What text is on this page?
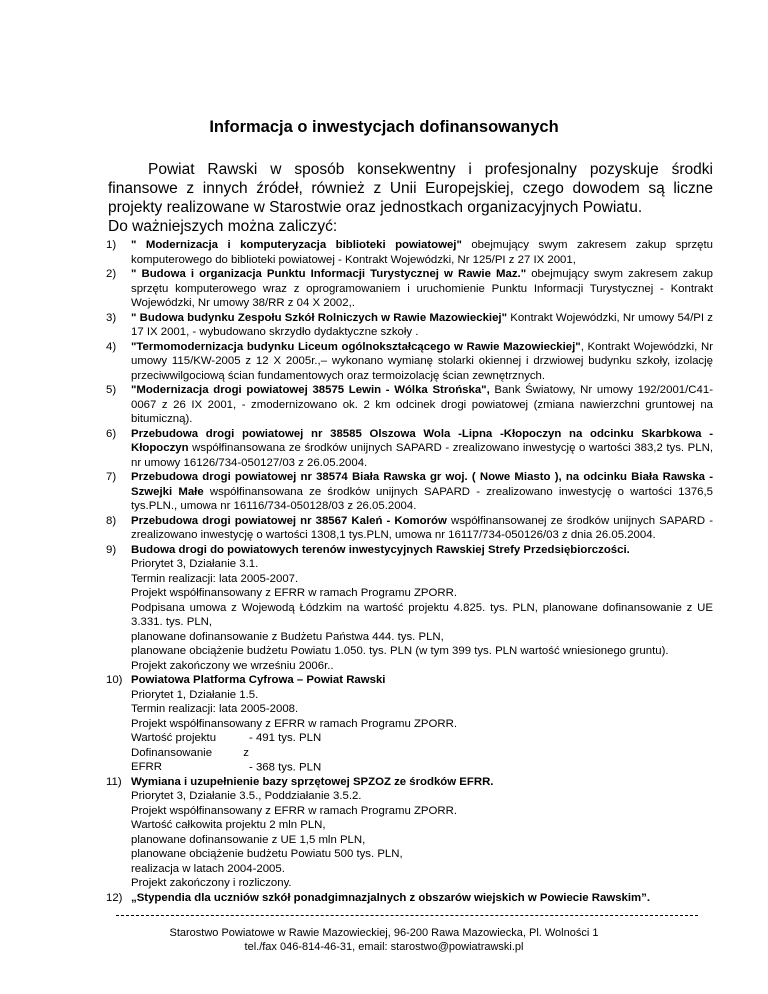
Informacja o inwestycjach dofinansowanych

Powiat Rawski w sposób konsekwentny i profesjonalny pozyskuje środki finansowe z innych źródeł, również z Unii Europejskiej, czego dowodem są liczne projekty realizowane w Starostwie oraz jednostkach organizacyjnych Powiatu.

Do ważniejszych można zaliczyć:

1) " Modernizacja i komputeryzacja biblioteki powiatowej" obejmujący swym zakresem zakup sprzętu komputerowego do biblioteki powiatowej - Kontrakt Wojewódzki, Nr 125/PI z 27 IX 2001,
2) " Budowa i organizacja Punktu Informacji Turystycznej w Rawie Maz." obejmujący swym zakresem zakup sprzętu komputerowego wraz z oprogramowaniem i uruchomienie Punktu Informacji Turystycznej - Kontrakt Wojewódzki, Nr umowy 38/RR z 04 X 2002,.
3) " Budowa budynku Zespołu Szkół Rolniczych w Rawie Mazowieckiej" Kontrakt Wojewódzki, Nr umowy 54/PI z 17 IX 2001, - wybudowano skrzydło dydaktyczne szkoły .
4) "Termomodernizacja budynku Liceum ogólnokształcącego w Rawie Mazowieckiej", Kontrakt Wojewódzki, Nr umowy 115/KW-2005 z 12 X 2005r.,– wykonano wymianę stolarki okiennej i drzwiowej budynku szkoły, izolację przeciwwilgociową ścian fundamentowych oraz termoizolację ścian zewnętrznych.
5) "Modernizacja drogi powiatowej 38575 Lewin - Wólka Strońska", Bank Światowy, Nr umowy 192/2001/C41-0067 z 26 IX 2001, - zmodernizowano ok. 2 km odcinek drogi powiatowej (zmiana nawierzchni gruntowej na bitumiczną).
6) Przebudowa drogi powiatowej nr 38585 Olszowa Wola -Lipna -Kłopoczyn na odcinku Skarbkowa - Kłopoczyn współfinansowana ze środków unijnych SAPARD - zrealizowano inwestycję o wartości 383,2 tys. PLN, nr umowy 16126/734-050127/03 z 26.05.2004.
7) Przebudowa drogi powiatowej nr 38574 Biała Rawska gr woj. ( Nowe Miasto ), na odcinku Biała Rawska - Szwejki Małe współfinansowana ze środków unijnych SAPARD - zrealizowano inwestycję o wartości 1376,5 tys.PLN., umowa nr 16116/734-050128/03 z 26.05.2004.
8) Przebudowa drogi powiatowej nr 38567 Kaleń - Komorów współfinansowanej ze środków unijnych SAPARD - zrealizowano inwestycję o wartości 1308,1 tys.PLN, umowa nr 16117/734-050126/03 z dnia 26.05.2004.
9) Budowa drogi do powiatowych terenów inwestycyjnych Rawskiej Strefy Przedsiębiorczości.
Priorytet 3, Działanie 3.1.
Termin realizacji: lata 2005-2007.
Projekt współfinansowany z EFRR w ramach Programu ZPORR.
Podpisana umowa z Wojewodą Łódzkim na wartość projektu 4.825. tys. PLN, planowane dofinansowanie z UE 3.331. tys. PLN,
planowane dofinansowanie z Budżetu Państwa 444. tys. PLN,
planowane obciążenie budżetu Powiatu 1.050. tys. PLN (w tym 399 tys. PLN wartość wniesionego gruntu).
Projekt zakończony we wrześniu 2006r..
10) Powiatowa Platforma Cyfrowa – Powiat Rawski
Priorytet 1, Działanie 1.5.
Termin realizacji: lata 2005-2008.
Projekt współfinansowany z EFRR w ramach Programu ZPORR.
Wartość projektu	- 491 tys. PLN
Dofinansowanie z EFRR	- 368 tys. PLN
11) Wymiana i uzupełnienie bazy sprzętowej SPZOZ ze środków EFRR.
Priorytet 3, Działanie 3.5., Poddziałanie 3.5.2.
Projekt współfinansowany z EFRR w ramach Programu ZPORR.
Wartość całkowita projektu 2 mln PLN,
planowane dofinansowanie z UE 1,5 mln PLN,
planowane obciążenie budżetu Powiatu 500 tys. PLN,
realizacja w latach 2004-2005.
Projekt zakończony i rozliczony.
12) „Stypendia dla uczniów szkół ponadgimnazjalnych z obszarów wiejskich w Powiecie Rawskim”.
Starostwo Powiatowe w Rawie Mazowieckiej, 96-200 Rawa Mazowiecka, Pl. Wolności 1
tel./fax 046-814-46-31, email: starostwo@powiatrawski.pl
